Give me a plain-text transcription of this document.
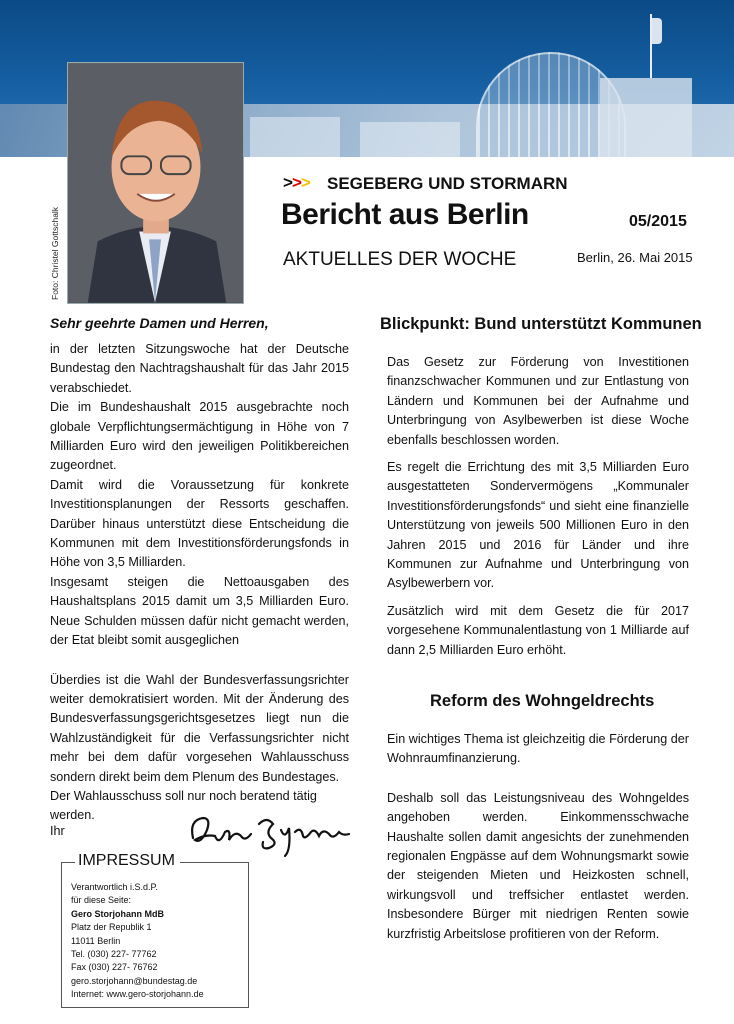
Foto: Christel Gottschalk
>>> SEGEBERG UND STORMARN
Bericht aus Berlin	05/2015
AKTUELLES DER WOCHE	Berlin, 26. Mai 2015
Sehr geehrte Damen und Herren,

in der letzten Sitzungswoche hat der Deutsche Bundestag den Nachtragshaushalt für das Jahr 2015 verabschiedet.

Die im Bundeshaushalt 2015 ausgebrachte noch globale Verpflichtungsermächtigung in Höhe von 7 Milliarden Euro wird den jeweiligen Politikbereichen zugeordnet.

Damit wird die Voraussetzung für konkrete Investitionsplanungen der Ressorts geschaffen. Darüber hinaus unterstützt diese Entscheidung die Kommunen mit dem Investitionsförderungsfonds in Höhe von 3,5 Milliarden.

Insgesamt steigen die Nettoausgaben des Haushaltsplans 2015 damit um 3,5 Milliarden Euro. Neue Schulden müssen dafür nicht gemacht werden, der Etat bleibt somit ausgeglichen

Überdies ist die Wahl der Bundesverfassungsrichter weiter demokratisiert worden. Mit der Änderung des Bundesverfassungsgerichtsgesetzes liegt nun die Wahlzuständigkeit für die Verfassungsrichter nicht mehr bei dem dafür vorgesehen Wahlausschuss sondern direkt beim dem Plenum des Bundestages.

Der Wahlausschuss soll nur noch beratend tätig werden.

Ihr
IMPRESSUM
Verantwortlich i.S.d.P.
für diese Seite:
Gero Storjohann MdB
Platz der Republik 1
11011 Berlin
Tel. (030) 227- 77762
Fax (030) 227- 76762
gero.storjohann@bundestag.de
Internet: www.gero-storjohann.de
Blickpunkt: Bund unterstützt Kommunen

Das Gesetz zur Förderung von Investitionen finanzschwacher Kommunen und zur Entlastung von Ländern und Kommunen bei der Aufnahme und Unterbringung von Asylbewerben ist diese Woche ebenfalls beschlossen worden.

Es regelt die Errichtung des mit 3,5 Milliarden Euro ausgestatteten Sondervermögens „Kommunaler Investitionsförderungsfonds“ und sieht eine finanzielle Unterstützung von jeweils 500 Millionen Euro in den Jahren 2015 und 2016 für Länder und ihre Kommunen zur Aufnahme und Unterbringung von Asylbewerbern vor.

Zusätzlich wird mit dem Gesetz die für 2017 vorgesehene Kommunalentlastung von 1 Milliarde auf dann 2,5 Milliarden Euro erhöht.

Reform des Wohngeldrechts

Ein wichtiges Thema ist gleichzeitig die Förderung der Wohnraumfinanzierung.

Deshalb soll das Leistungsniveau des Wohngeldes angehoben werden. Einkommensschwache Haushalte sollen damit angesichts der zunehmenden regionalen Engpässe auf dem Wohnungsmarkt sowie der steigenden Mieten und Heizkosten schnell, wirkungsvoll und treffsicher entlastet werden. Insbesondere Bürger mit niedrigen Renten sowie kurzfristig Arbeitslose profitieren von der Reform.
